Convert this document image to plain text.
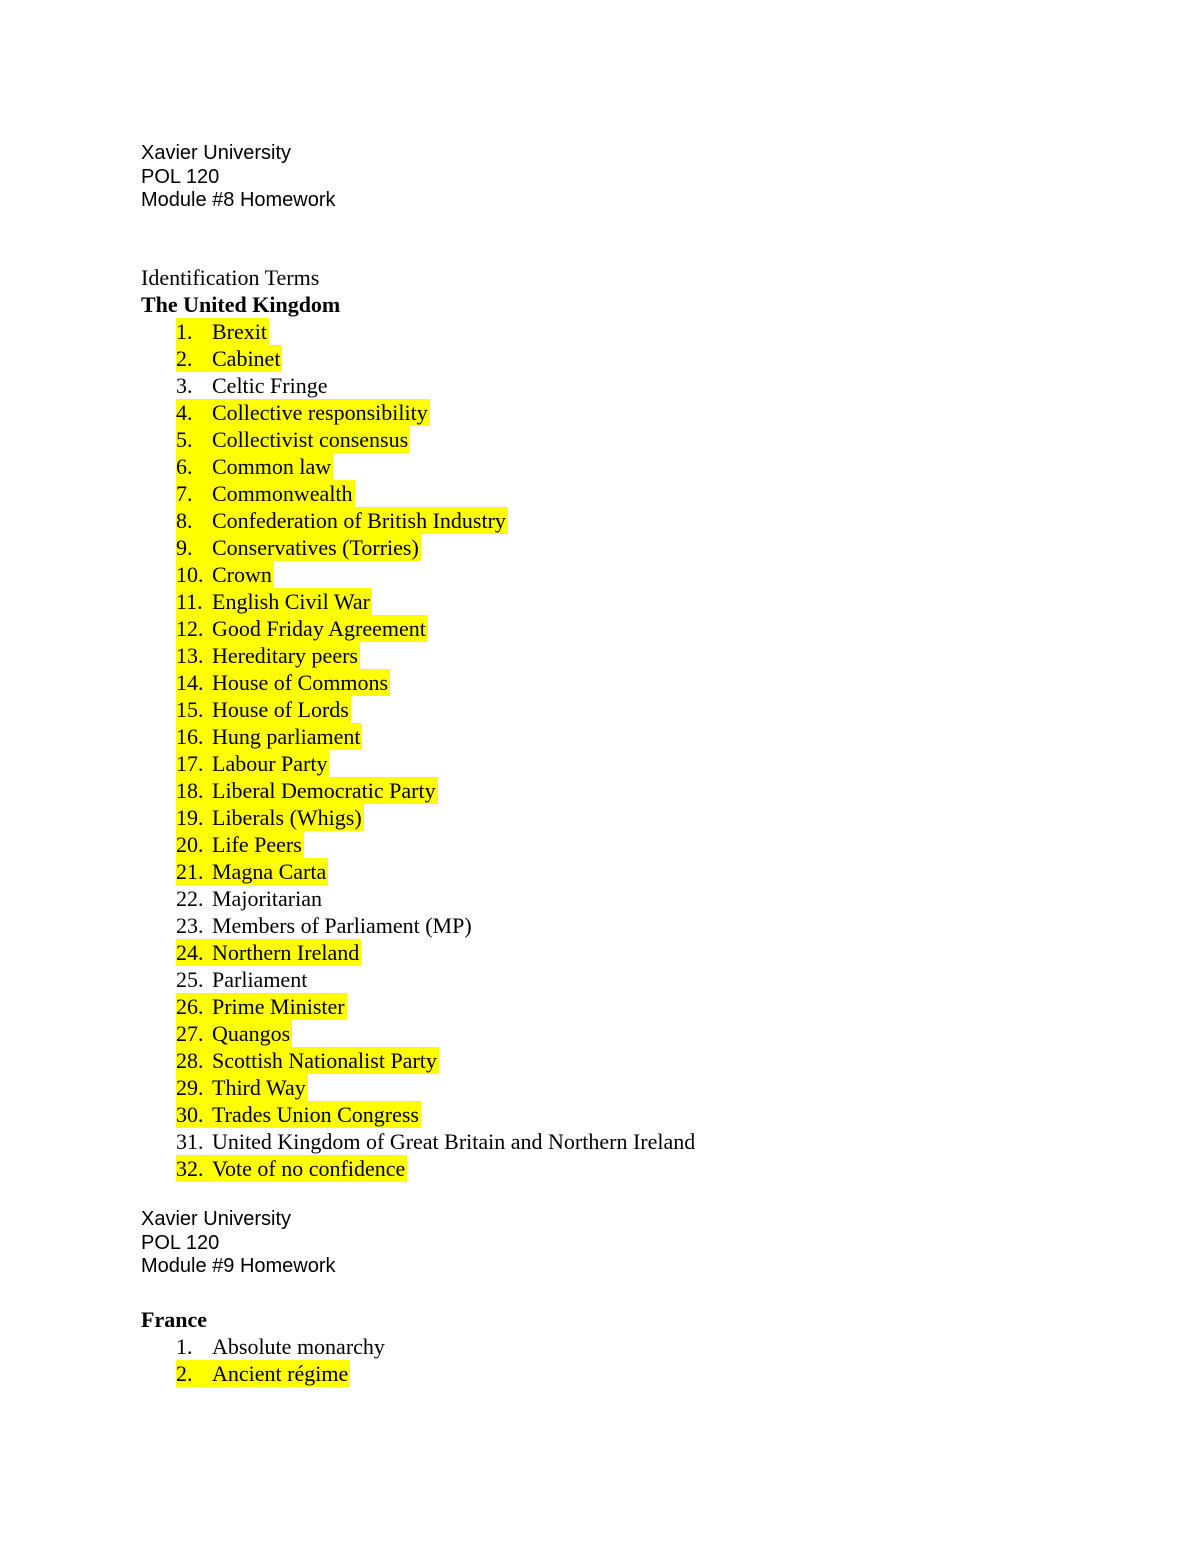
Xavier University
POL 120
Module #8 Homework
Identification Terms
The United Kingdom
1. Brexit
2. Cabinet
3. Celtic Fringe
4. Collective responsibility
5. Collectivist consensus
6. Common law
7. Commonwealth
8. Confederation of British Industry
9. Conservatives (Torries)
10. Crown
11. English Civil War
12. Good Friday Agreement
13. Hereditary peers
14. House of Commons
15. House of Lords
16. Hung parliament
17. Labour Party
18. Liberal Democratic Party
19. Liberals (Whigs)
20. Life Peers
21. Magna Carta
22. Majoritarian
23. Members of Parliament (MP)
24. Northern Ireland
25. Parliament
26. Prime Minister
27. Quangos
28. Scottish Nationalist Party
29. Third Way
30. Trades Union Congress
31. United Kingdom of Great Britain and Northern Ireland
32. Vote of no confidence
Xavier University
POL 120
Module #9 Homework
France
1. Absolute monarchy
2. Ancient régime
